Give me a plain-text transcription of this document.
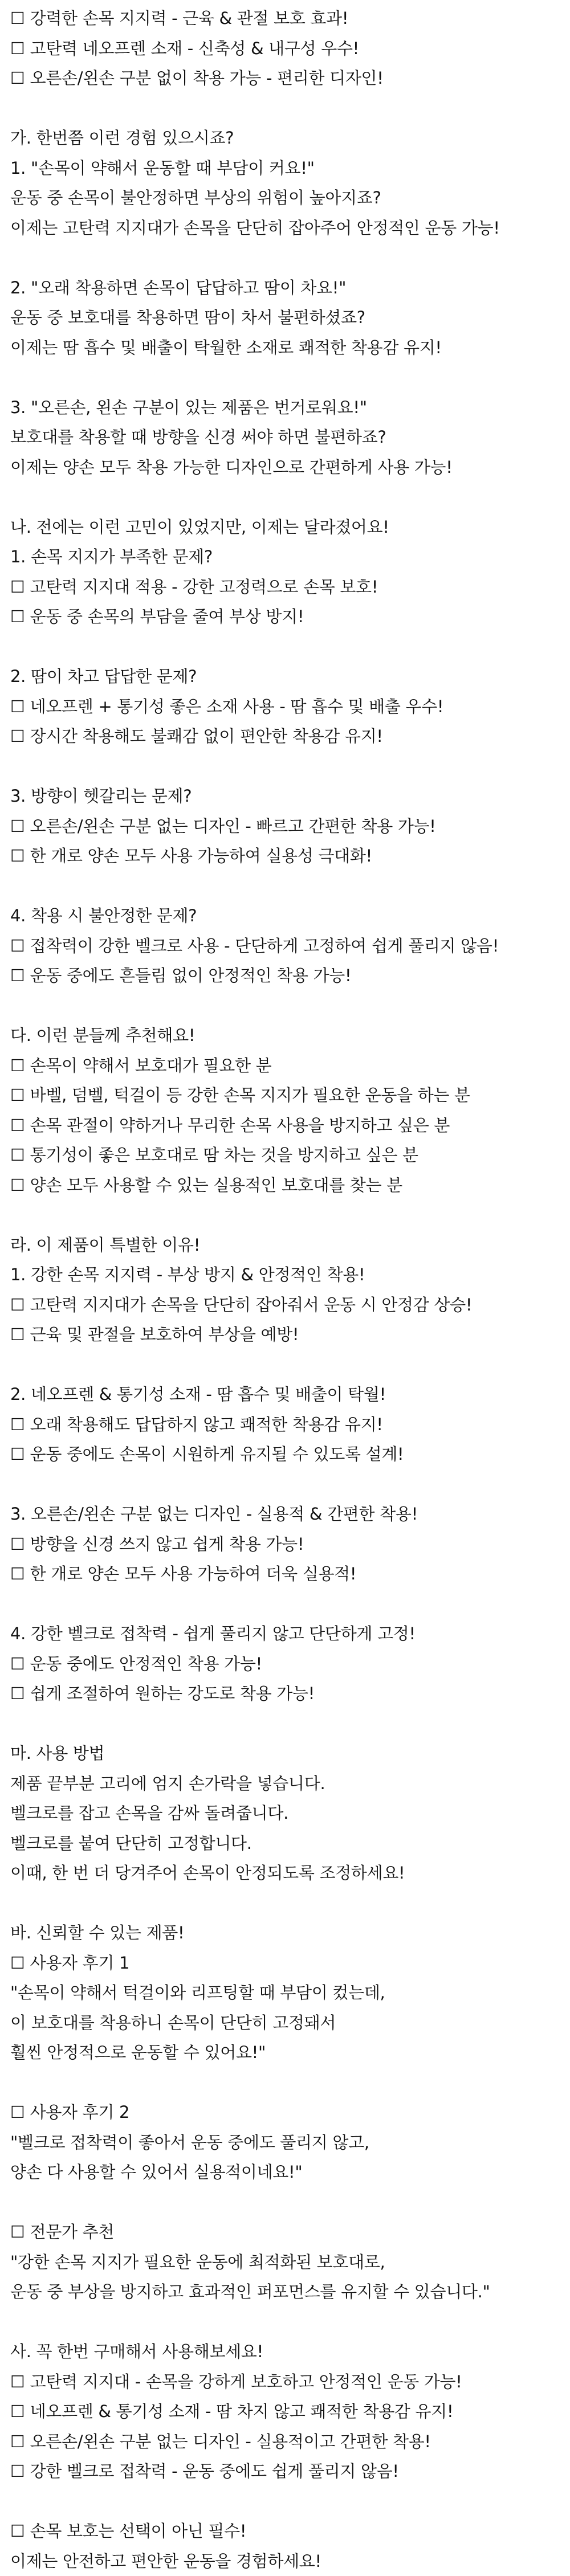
☐ 강력한 손목 지지력 - 근육 & 관절 보호 효과!
☐ 고탄력 네오프렌 소재 - 신축성 & 내구성 우수!
☐ 오른손/왼손 구분 없이 착용 가능 - 편리한 디자인!
가. 한번쯤 이런 경험 있으시죠?
1. "손목이 약해서 운동할 때 부담이 커요!"
운동 중 손목이 불안정하면 부상의 위험이 높아지죠?
이제는 고탄력 지지대가 손목을 단단히 잡아주어 안정적인 운동 가능!
2. "오래 착용하면 손목이 답답하고 땀이 차요!"
운동 중 보호대를 착용하면 땀이 차서 불편하셨죠?
이제는 땀 흡수 및 배출이 탁월한 소재로 쾌적한 착용감 유지!
3. "오른손, 왼손 구분이 있는 제품은 번거로워요!"
보호대를 착용할 때 방향을 신경 써야 하면 불편하죠?
이제는 양손 모두 착용 가능한 디자인으로 간편하게 사용 가능!
나. 전에는 이런 고민이 있었지만, 이제는 달라졌어요!
1. 손목 지지가 부족한 문제?
☐ 고탄력 지지대 적용 - 강한 고정력으로 손목 보호!
☐ 운동 중 손목의 부담을 줄여 부상 방지!
2. 땀이 차고 답답한 문제?
☐ 네오프렌 + 통기성 좋은 소재 사용 - 땀 흡수 및 배출 우수!
☐ 장시간 착용해도 불쾌감 없이 편안한 착용감 유지!
3. 방향이 헷갈리는 문제?
☐ 오른손/왼손 구분 없는 디자인 - 빠르고 간편한 착용 가능!
☐ 한 개로 양손 모두 사용 가능하여 실용성 극대화!
4. 착용 시 불안정한 문제?
☐ 접착력이 강한 벨크로 사용 - 단단하게 고정하여 쉽게 풀리지 않음!
☐ 운동 중에도 흔들림 없이 안정적인 착용 가능!
다. 이런 분들께 추천해요!
☐ 손목이 약해서 보호대가 필요한 분
☐ 바벨, 덤벨, 턱걸이 등 강한 손목 지지가 필요한 운동을 하는 분
☐ 손목 관절이 약하거나 무리한 손목 사용을 방지하고 싶은 분
☐ 통기성이 좋은 보호대로 땀 차는 것을 방지하고 싶은 분
☐ 양손 모두 사용할 수 있는 실용적인 보호대를 찾는 분
라. 이 제품이 특별한 이유!
1. 강한 손목 지지력 - 부상 방지 & 안정적인 착용!
☐ 고탄력 지지대가 손목을 단단히 잡아줘서 운동 시 안정감 상승!
☐ 근육 및 관절을 보호하여 부상을 예방!
2. 네오프렌 & 통기성 소재 - 땀 흡수 및 배출이 탁월!
☐ 오래 착용해도 답답하지 않고 쾌적한 착용감 유지!
☐ 운동 중에도 손목이 시원하게 유지될 수 있도록 설계!
3. 오른손/왼손 구분 없는 디자인 - 실용적 & 간편한 착용!
☐ 방향을 신경 쓰지 않고 쉽게 착용 가능!
☐ 한 개로 양손 모두 사용 가능하여 더욱 실용적!
4. 강한 벨크로 접착력 - 쉽게 풀리지 않고 단단하게 고정!
☐ 운동 중에도 안정적인 착용 가능!
☐ 쉽게 조절하여 원하는 강도로 착용 가능!
마. 사용 방법
제품 끝부분 고리에 엄지 손가락을 넣습니다.
벨크로를 잡고 손목을 감싸 돌려줍니다.
벨크로를 붙여 단단히 고정합니다.
이때, 한 번 더 당겨주어 손목이 안정되도록 조정하세요!
바. 신뢰할 수 있는 제품!
☐ 사용자 후기 1
"손목이 약해서 턱걸이와 리프팅할 때 부담이 컸는데,
이 보호대를 착용하니 손목이 단단히 고정돼서
훨씬 안정적으로 운동할 수 있어요!"
☐ 사용자 후기 2
"벨크로 접착력이 좋아서 운동 중에도 풀리지 않고,
양손 다 사용할 수 있어서 실용적이네요!"
☐ 전문가 추천
"강한 손목 지지가 필요한 운동에 최적화된 보호대로,
운동 중 부상을 방지하고 효과적인 퍼포먼스를 유지할 수 있습니다."
사. 꼭 한번 구매해서 사용해보세요!
☐ 고탄력 지지대 - 손목을 강하게 보호하고 안정적인 운동 가능!
☐ 네오프렌 & 통기성 소재 - 땀 차지 않고 쾌적한 착용감 유지!
☐ 오른손/왼손 구분 없는 디자인 - 실용적이고 간편한 착용!
☐ 강한 벨크로 접착력 - 운동 중에도 쉽게 풀리지 않음!
☐ 손목 보호는 선택이 아닌 필수!
이제는 안전하고 편안한 운동을 경험하세요!
